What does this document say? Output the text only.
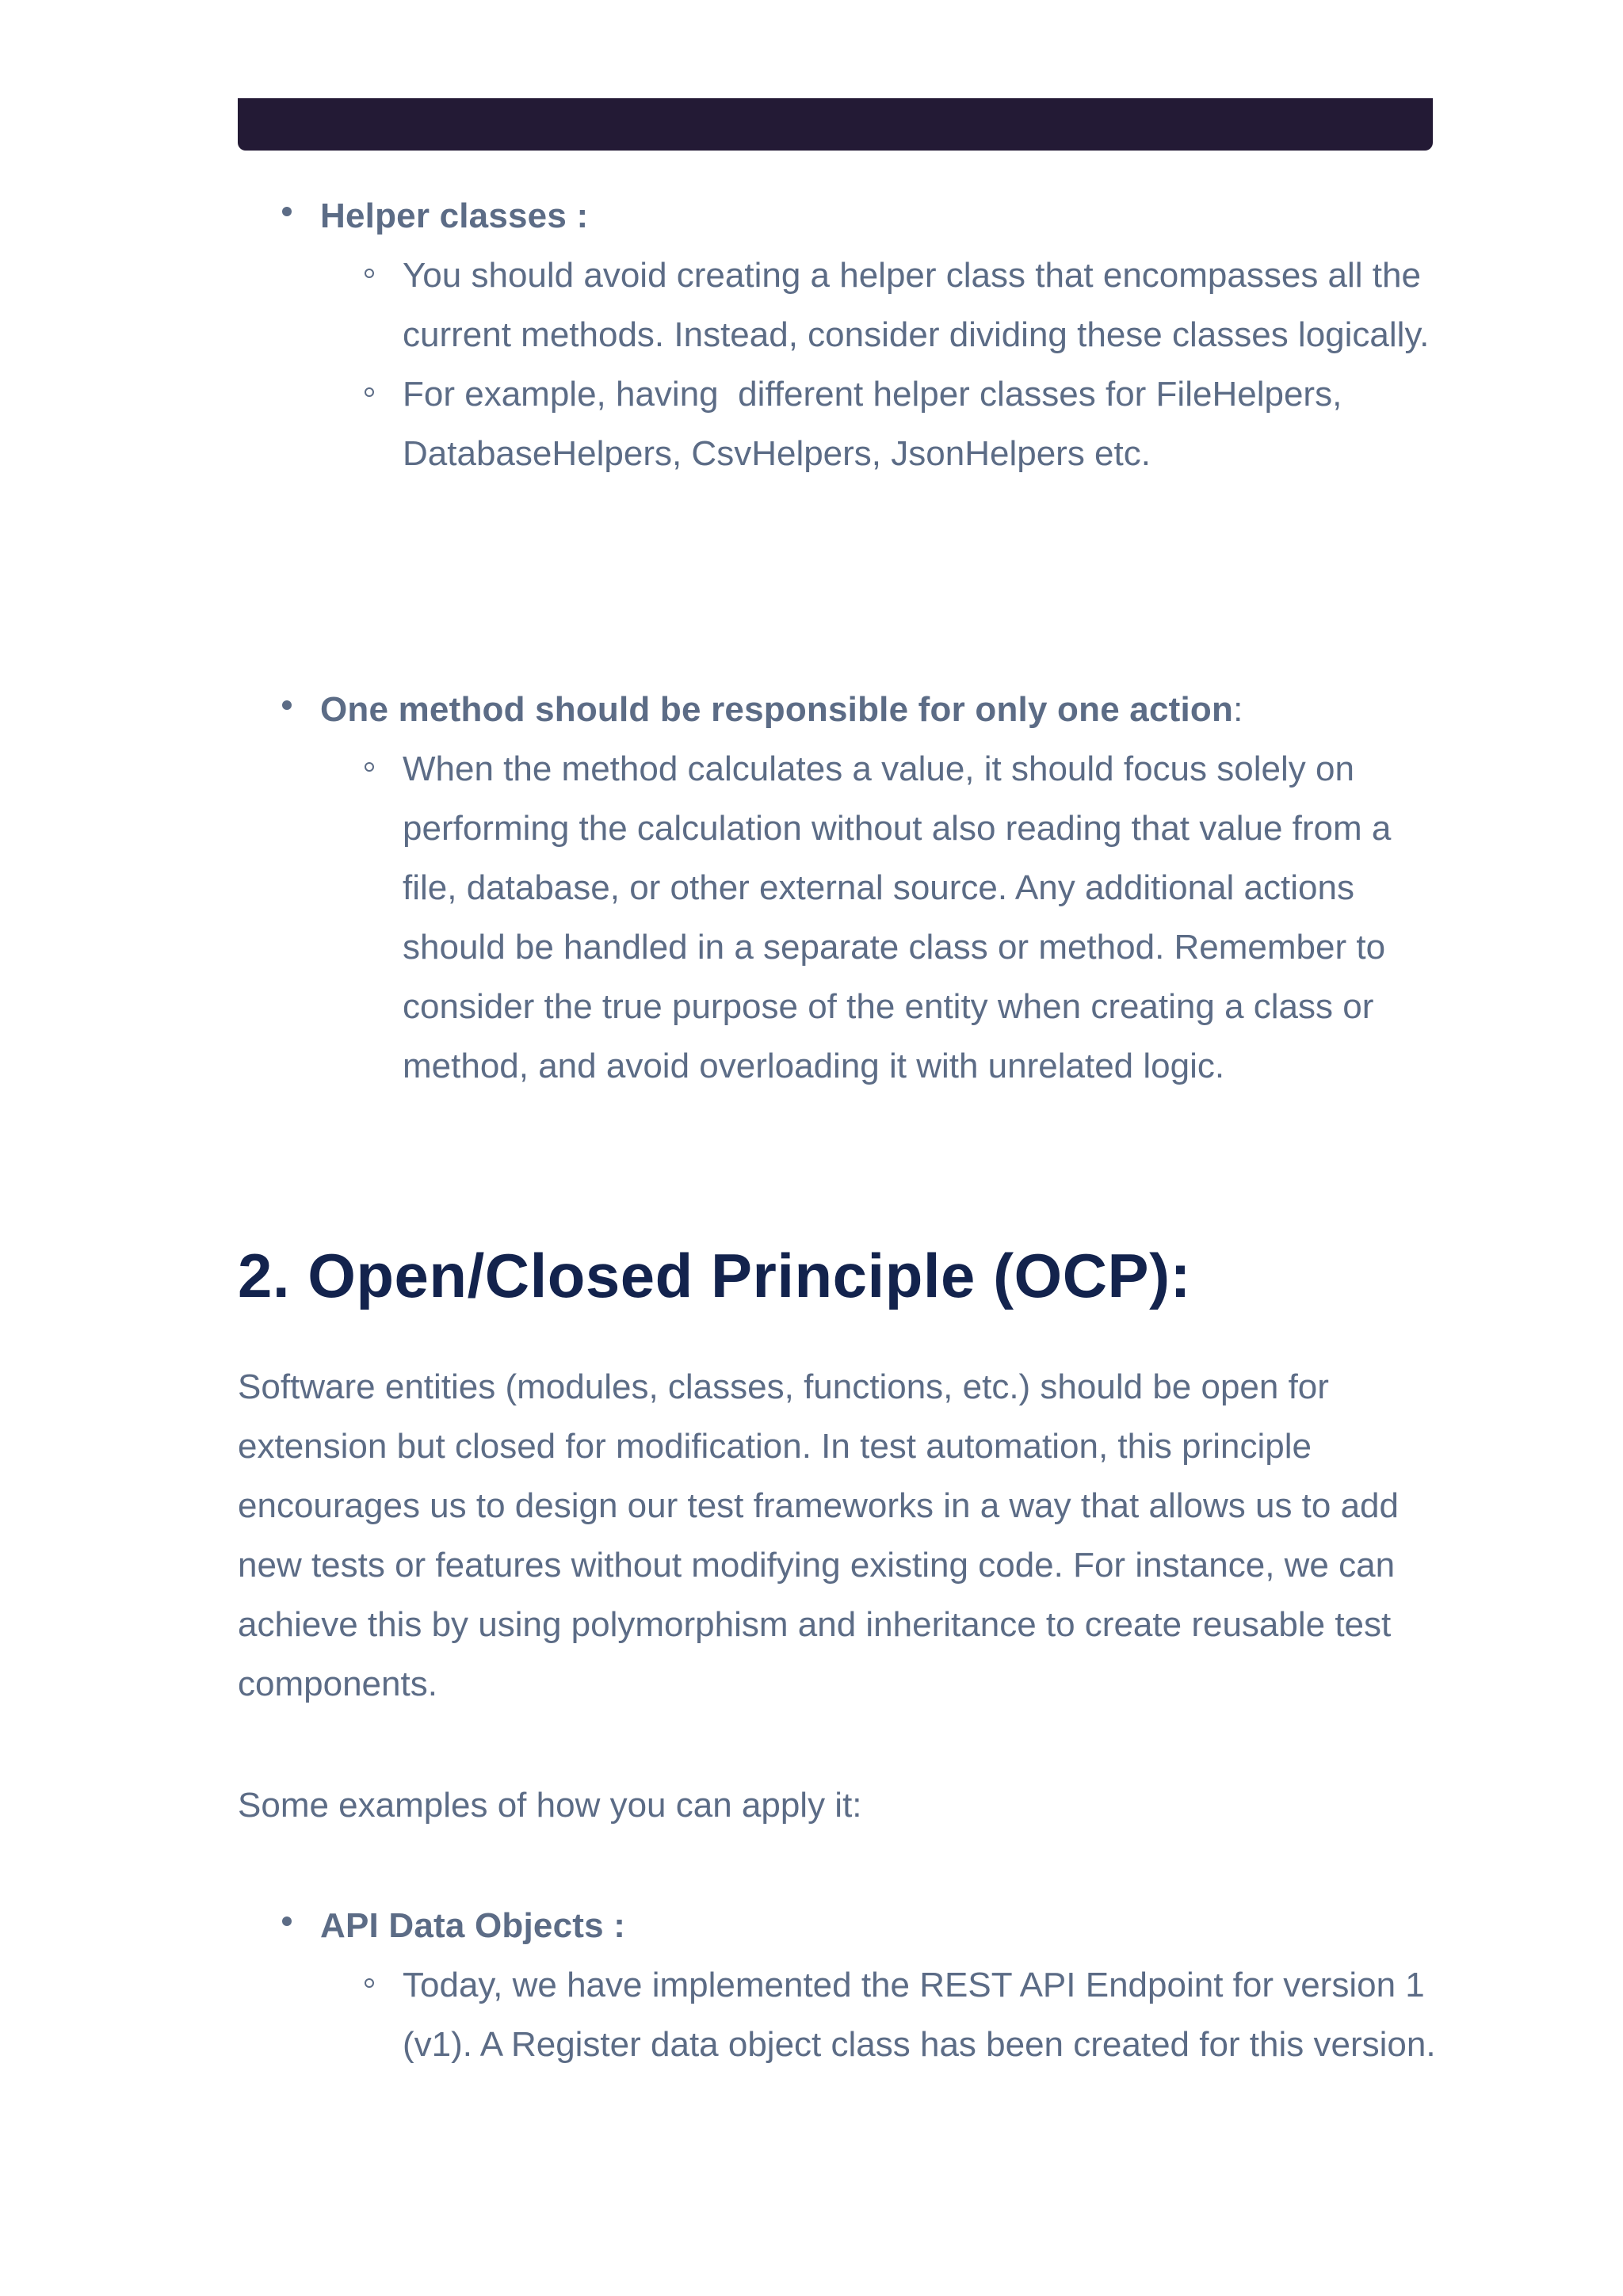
Helper classes :
You should avoid creating a helper class that encompasses all the current methods. Instead, consider dividing these classes logically.
For example, having  different helper classes for FileHelpers, DatabaseHelpers, CsvHelpers, JsonHelpers etc.
One method should be responsible for only one action:
When the method calculates a value, it should focus solely on performing the calculation without also reading that value from a file, database, or other external source. Any additional actions should be handled in a separate class or method. Remember to consider the true purpose of the entity when creating a class or method, and avoid overloading it with unrelated logic.
2. Open/Closed Principle (OCP):

Software entities (modules, classes, functions, etc.) should be open for extension but closed for modification. In test automation, this principle encourages us to design our test frameworks in a way that allows us to add new tests or features without modifying existing code. For instance, we can achieve this by using polymorphism and inheritance to create reusable test components.

Some examples of how you can apply it:

API Data Objects :
Today, we have implemented the REST API Endpoint for version 1 (v1). A Register data object class has been created for this version.
